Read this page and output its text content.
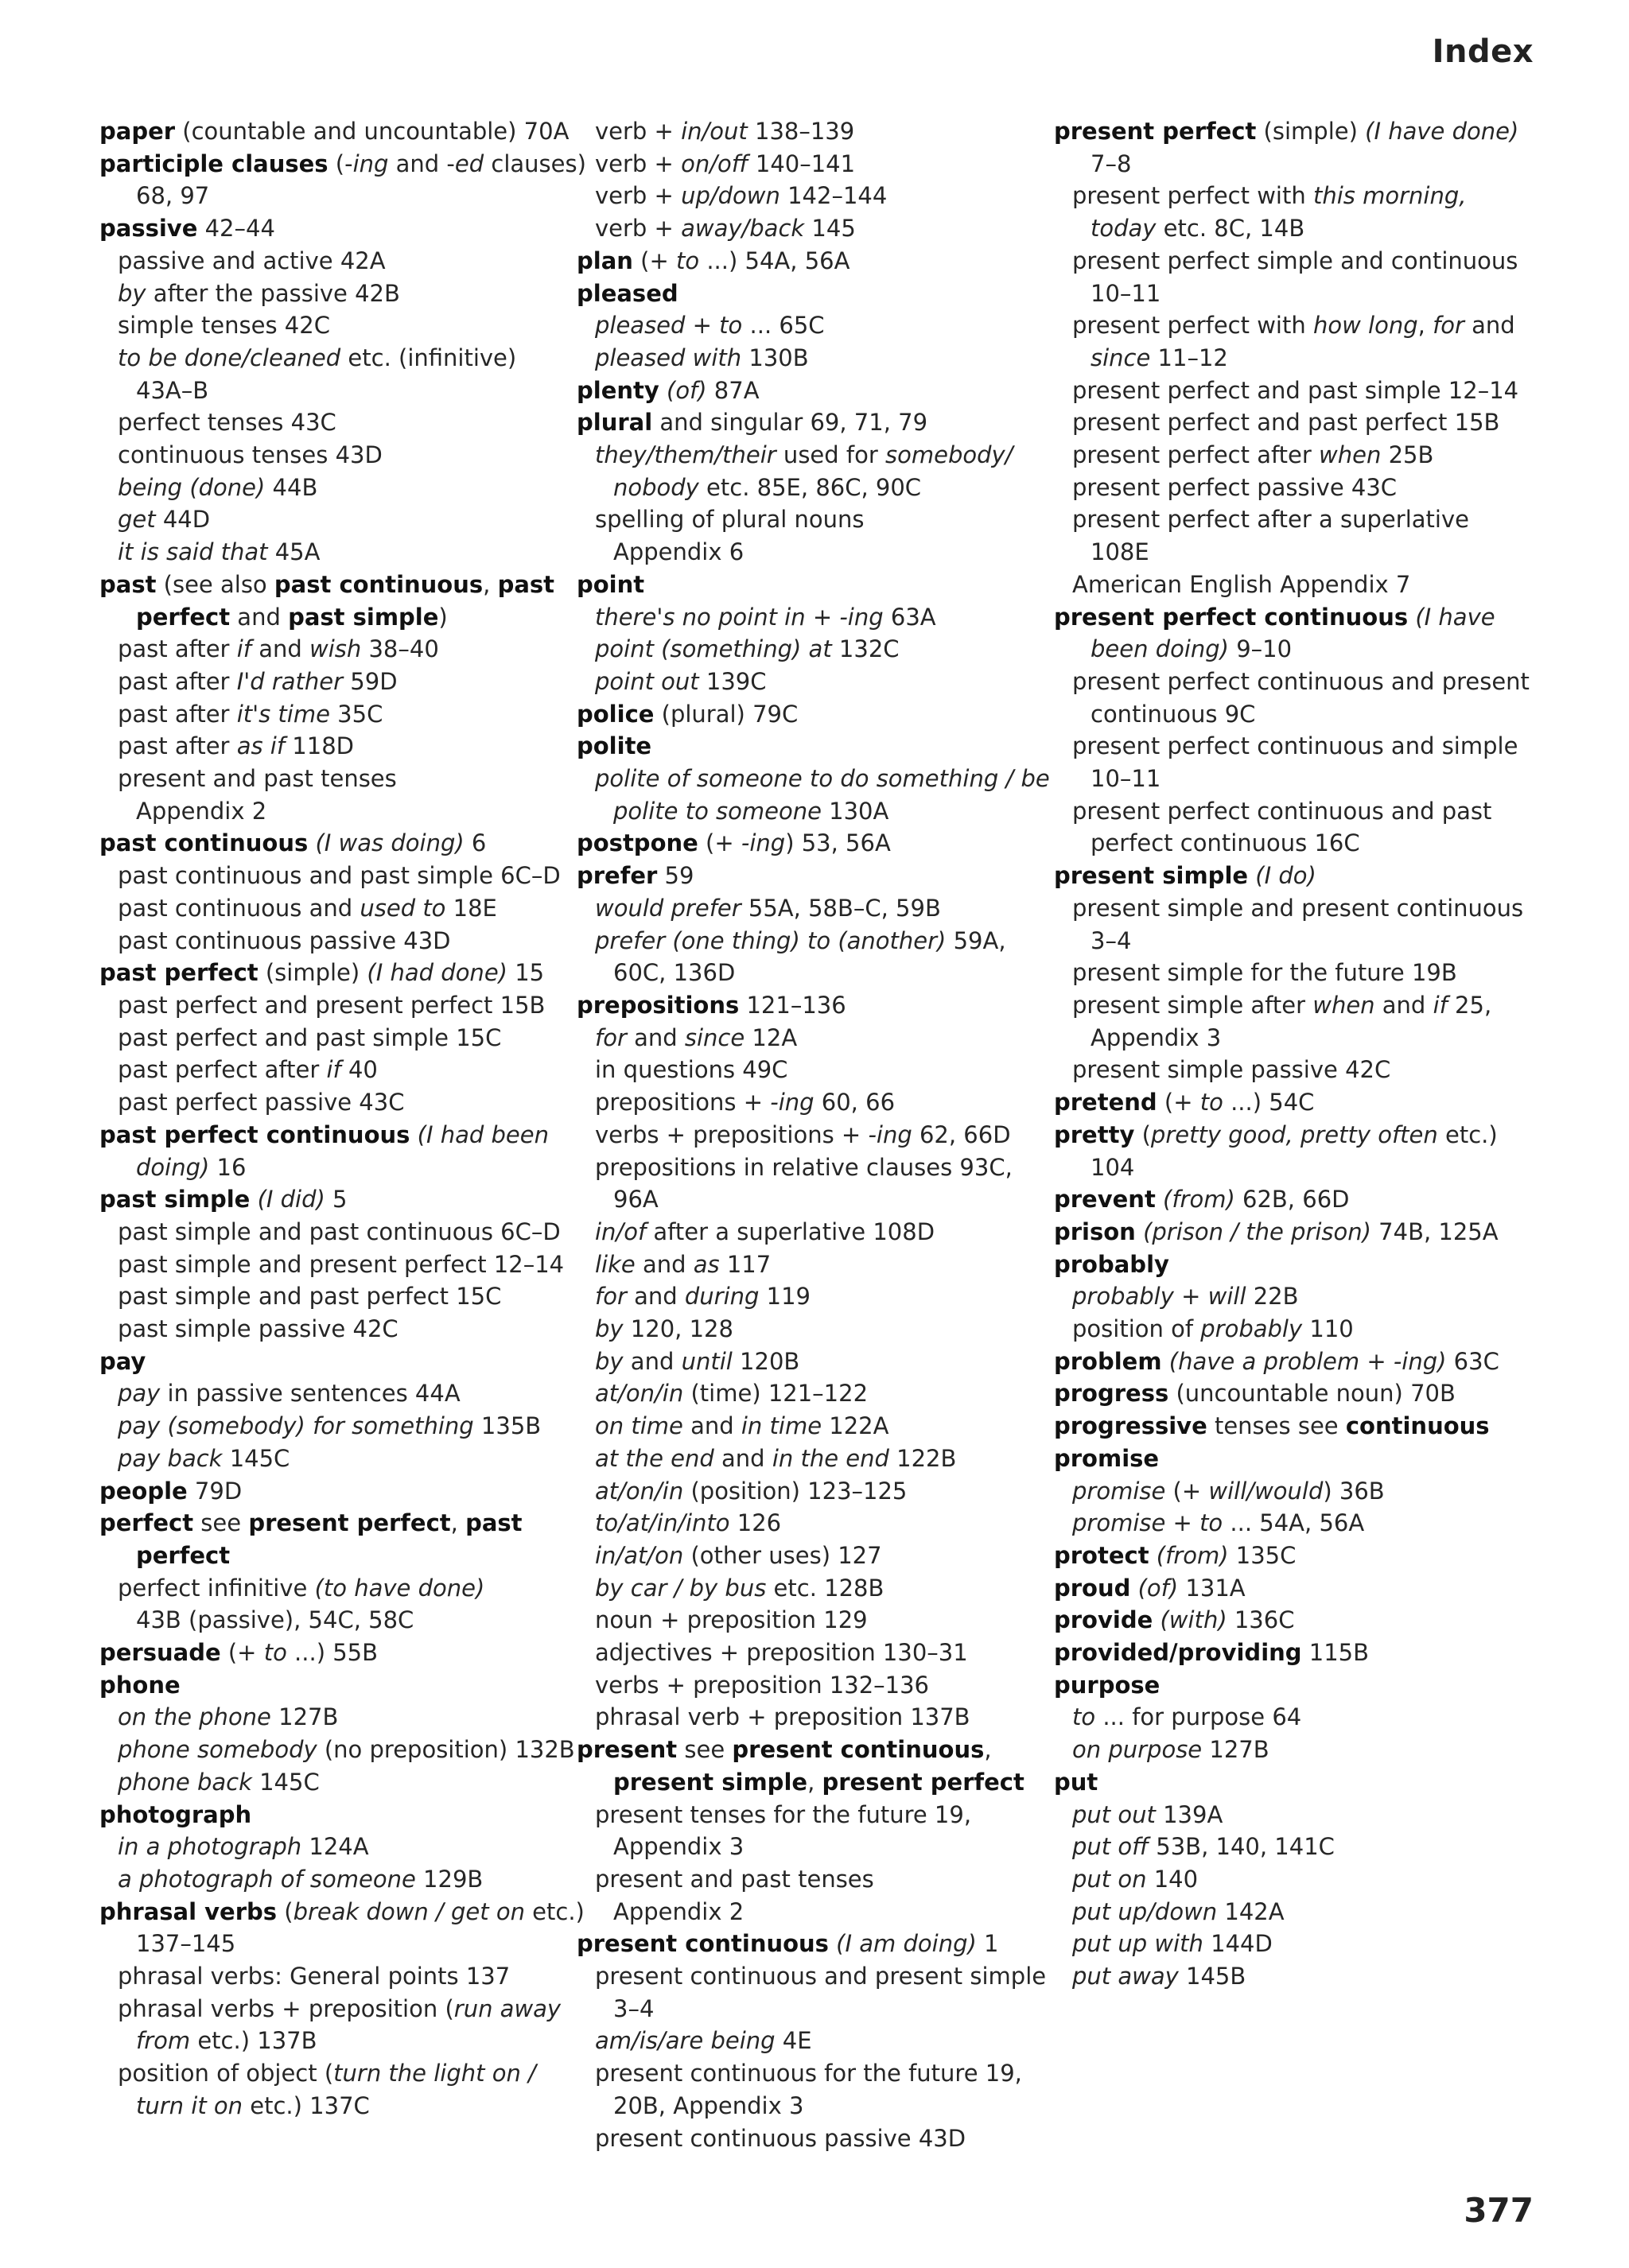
Index
paper (countable and uncountable) 70A
participle clauses (-ing and -ed clauses)
68, 97
passive 42–44
passive and active 42A
by after the passive 42B
simple tenses 42C
to be done/cleaned etc. (infinitive)
43A–B
perfect tenses 43C
continuous tenses 43D
being (done) 44B
get 44D
it is said that 45A
past (see also past continuous, past
perfect and past simple)
past after if and wish 38–40
past after I'd rather 59D
past after it's time 35C
past after as if 118D
present and past tenses
Appendix 2
past continuous (I was doing) 6
past continuous and past simple 6C–D
past continuous and used to 18E
past continuous passive 43D
past perfect (simple) (I had done) 15
past perfect and present perfect 15B
past perfect and past simple 15C
past perfect after if 40
past perfect passive 43C
past perfect continuous (I had been
doing) 16
past simple (I did) 5
past simple and past continuous 6C–D
past simple and present perfect 12–14
past simple and past perfect 15C
past simple passive 42C
pay
pay in passive sentences 44A
pay (somebody) for something 135B
pay back 145C
people 79D
perfect see present perfect, past
perfect
perfect infinitive (to have done)
43B (passive), 54C, 58C
persuade (+ to ...) 55B
phone
on the phone 127B
phone somebody (no preposition) 132B
phone back 145C
photograph
in a photograph 124A
a photograph of someone 129B
phrasal verbs (break down / get on etc.)
137–145
phrasal verbs: General points 137
phrasal verbs + preposition (run away
from etc.) 137B
position of object (turn the light on /
turn it on etc.) 137C
verb + in/out 138–139
verb + on/off 140–141
verb + up/down 142–144
verb + away/back 145
plan (+ to ...) 54A, 56A
pleased
pleased + to ... 65C
pleased with 130B
plenty (of) 87A
plural and singular 69, 71, 79
they/them/their used for somebody/
nobody etc. 85E, 86C, 90C
spelling of plural nouns
Appendix 6
point
there's no point in + -ing 63A
point (something) at 132C
point out 139C
police (plural) 79C
polite
polite of someone to do something / be
polite to someone 130A
postpone (+ -ing) 53, 56A
prefer 59
would prefer 55A, 58B–C, 59B
prefer (one thing) to (another) 59A,
60C, 136D
prepositions 121–136
for and since 12A
in questions 49C
prepositions + -ing 60, 66
verbs + prepositions + -ing 62, 66D
prepositions in relative clauses 93C,
96A
in/of after a superlative 108D
like and as 117
for and during 119
by 120, 128
by and until 120B
at/on/in (time) 121–122
on time and in time 122A
at the end and in the end 122B
at/on/in (position) 123–125
to/at/in/into 126
in/at/on (other uses) 127
by car / by bus etc. 128B
noun + preposition 129
adjectives + preposition 130–31
verbs + preposition 132–136
phrasal verb + preposition 137B
present see present continuous,
present simple, present perfect
present tenses for the future 19,
Appendix 3
present and past tenses
Appendix 2
present continuous (I am doing) 1
present continuous and present simple
3–4
am/is/are being 4E
present continuous for the future 19,
20B, Appendix 3
present continuous passive 43D
present perfect (simple) (I have done)
7–8
present perfect with this morning,
today etc. 8C, 14B
present perfect simple and continuous
10–11
present perfect with how long, for and
since 11–12
present perfect and past simple 12–14
present perfect and past perfect 15B
present perfect after when 25B
present perfect passive 43C
present perfect after a superlative
108E
American English Appendix 7
present perfect continuous (I have
been doing) 9–10
present perfect continuous and present
continuous 9C
present perfect continuous and simple
10–11
present perfect continuous and past
perfect continuous 16C
present simple (I do)
present simple and present continuous
3–4
present simple for the future 19B
present simple after when and if 25,
Appendix 3
present simple passive 42C
pretend (+ to ...) 54C
pretty (pretty good, pretty often etc.)
104
prevent (from) 62B, 66D
prison (prison / the prison) 74B, 125A
probably
probably + will 22B
position of probably 110
problem (have a problem + -ing) 63C
progress (uncountable noun) 70B
progressive tenses see continuous
promise
promise (+ will/would) 36B
promise + to ... 54A, 56A
protect (from) 135C
proud (of) 131A
provide (with) 136C
provided/providing 115B
purpose
to ... for purpose 64
on purpose 127B
put
put out 139A
put off 53B, 140, 141C
put on 140
put up/down 142A
put up with 144D
put away 145B
377
